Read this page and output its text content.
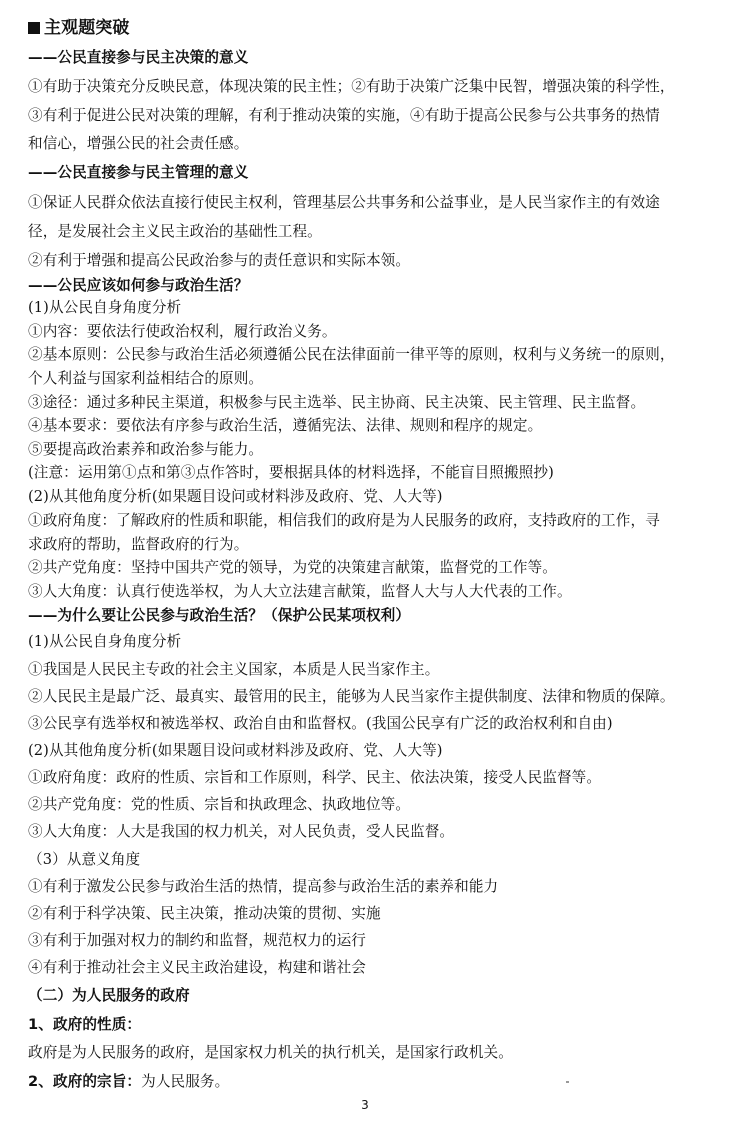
主观题突破
——公民直接参与民主决策的意义
①有助于决策充分反映民意，体现决策的民主性；②有助于决策广泛集中民智，增强决策的科学性，
③有利于促进公民对决策的理解，有利于推动决策的实施，④有助于提高公民参与公共事务的热情
和信心，增强公民的社会责任感。
——公民直接参与民主管理的意义
①保证人民群众依法直接行使民主权利，管理基层公共事务和公益事业，是人民当家作主的有效途
径，是发展社会主义民主政治的基础性工程。
②有利于增强和提高公民政治参与的责任意识和实际本领。
——公民应该如何参与政治生活？
(1)从公民自身角度分析
①内容：要依法行使政治权利，履行政治义务。
②基本原则：公民参与政治生活必须遵循公民在法律面前一律平等的原则，权利与义务统一的原则，
个人利益与国家利益相结合的原则。
③途径：通过多种民主渠道，积极参与民主选举、民主协商、民主决策、民主管理、民主监督。
④基本要求：要依法有序参与政治生活，遵循宪法、法律、规则和程序的规定。
⑤要提高政治素养和政治参与能力。
(注意：运用第①点和第③点作答时，要根据具体的材料选择，不能盲目照搬照抄)
(2)从其他角度分析(如果题目设问或材料涉及政府、党、人大等)
①政府角度：了解政府的性质和职能，相信我们的政府是为人民服务的政府，支持政府的工作，寻
求政府的帮助，监督政府的行为。
②共产党角度：坚持中国共产党的领导，为党的决策建言献策，监督党的工作等。
③人大角度：认真行使选举权，为人大立法建言献策，监督人大与人大代表的工作。
——为什么要让公民参与政治生活？（保护公民某项权利）
(1)从公民自身角度分析
①我国是人民民主专政的社会主义国家，本质是人民当家作主。
②人民民主是最广泛、最真实、最管用的民主，能够为人民当家作主提供制度、法律和物质的保障。
③公民享有选举权和被选举权、政治自由和监督权。(我国公民享有广泛的政治权利和自由)
(2)从其他角度分析(如果题目设问或材料涉及政府、党、人大等)
①政府角度：政府的性质、宗旨和工作原则，科学、民主、依法决策，接受人民监督等。
②共产党角度：党的性质、宗旨和执政理念、执政地位等。
③人大角度：人大是我国的权力机关，对人民负责，受人民监督。
（3）从意义角度
①有利于激发公民参与政治生活的热情，提高参与政治生活的素养和能力
②有利于科学决策、民主决策，推动决策的贯彻、实施
③有利于加强对权力的制约和监督，规范权力的运行
④有利于推动社会主义民主政治建设，构建和谐社会
（二）为人民服务的政府
1、政府的性质：
政府是为人民服务的政府，是国家权力机关的执行机关，是国家行政机关。
2、政府的宗旨：为人民服务。
3
